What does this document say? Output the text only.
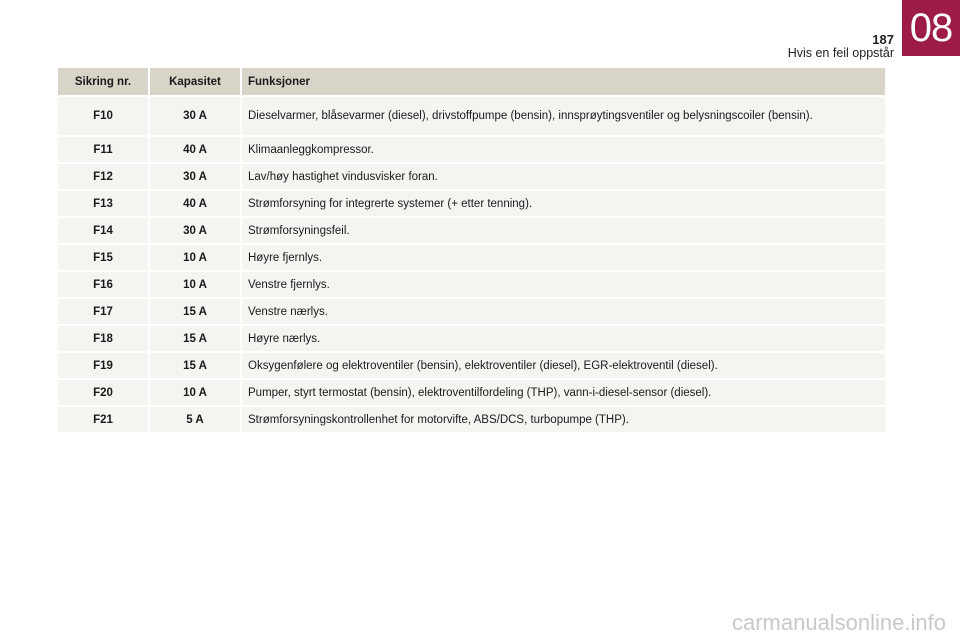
187
Hvis en feil oppstår
08
Sikring nr.	Kapasitet	Funksjoner
F10	30 A	Dieselvarmer, blåsevarmer (diesel), drivstoffpumpe (bensin), innsprøytingsventiler og belysningscoiler (bensin).
F11	40 A	Klimaanleggkompressor.
F12	30 A	Lav/høy hastighet vindusvisker foran.
F13	40 A	Strømforsyning for integrerte systemer (+ etter tenning).
F14	30 A	Strømforsyningsfeil.
F15	10 A	Høyre fjernlys.
F16	10 A	Venstre fjernlys.
F17	15 A	Venstre nærlys.
F18	15 A	Høyre nærlys.
F19	15 A	Oksygenfølere og elektroventiler (bensin), elektroventiler (diesel), EGR-elektroventil (diesel).
F20	10 A	Pumper, styrt termostat (bensin), elektroventilfordeling (THP), vann-i-diesel-sensor (diesel).
F21	5 A	Strømforsyningskontrollenhet for motorvifte, ABS/DCS, turbopumpe (THP).
carmanualsonline.info
